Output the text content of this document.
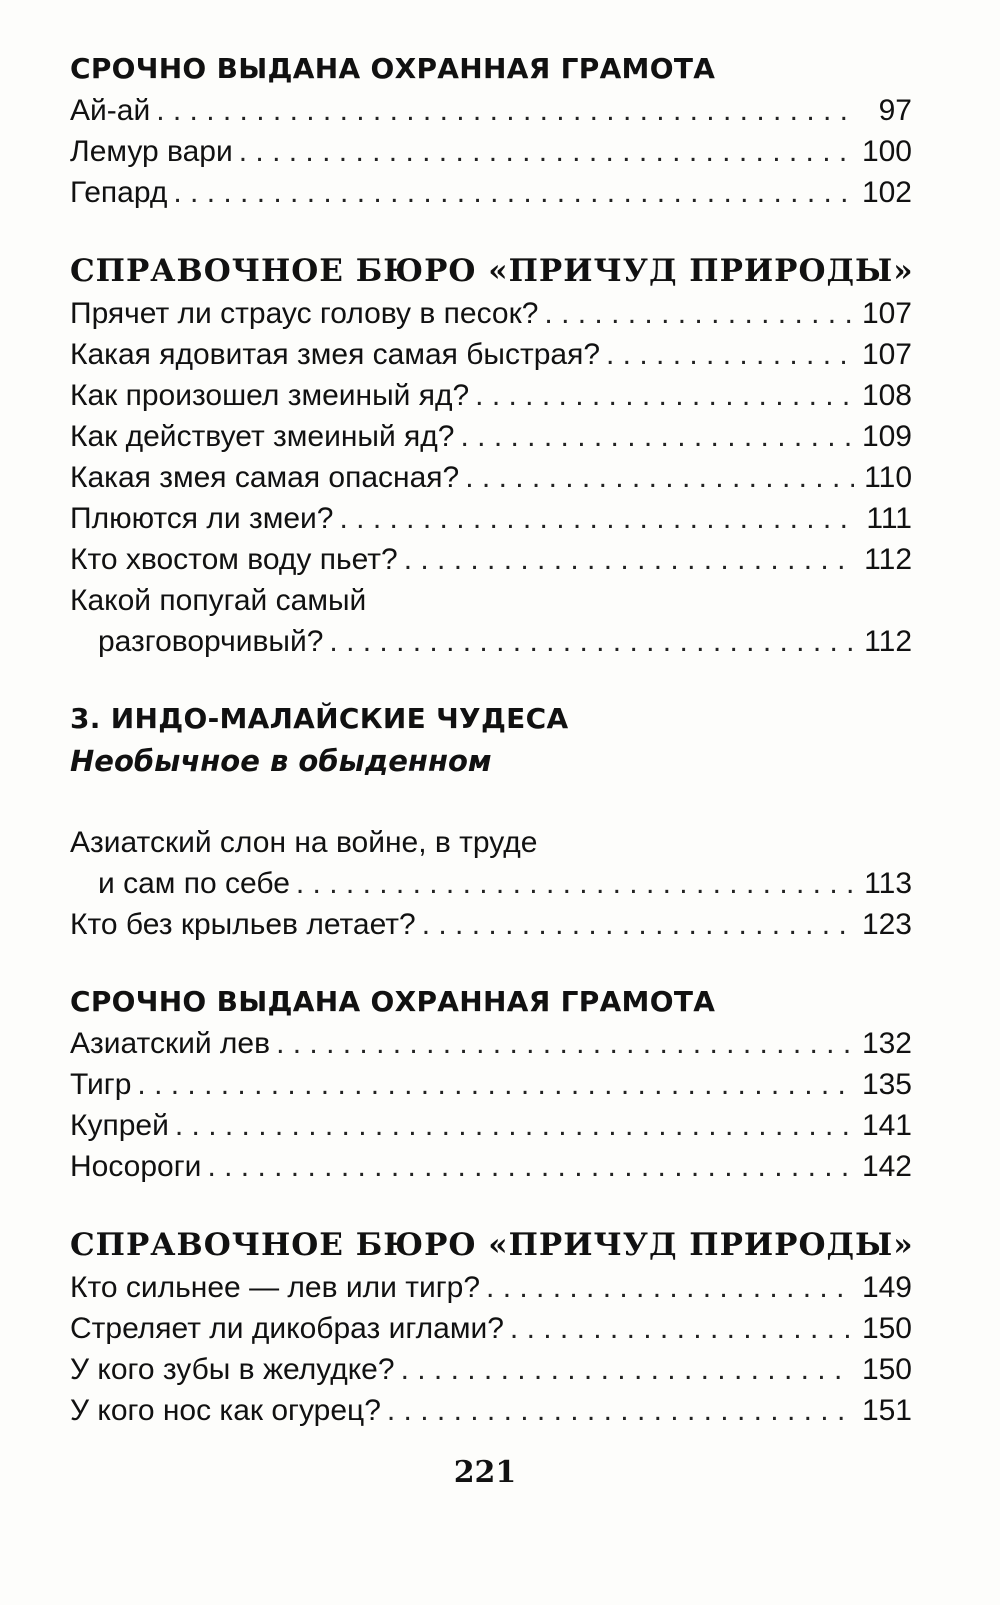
СРОЧНО ВЫДАНА ОХРАННАЯ ГРАМОТА
Ай-ай . . .	97
Лемур вари . . .	100
Гепард . . .	102
СПРАВОЧНОЕ БЮРО «ПРИЧУД ПРИРОДЫ»
Прячет ли страус голову в песок? . . .	107
Какая ядовитая змея самая быстрая? . . .	107
Как произошел змеиный яд? . . .	108
Как действует змеиный яд? . . .	109
Какая змея самая опасная? . . .	110
Плюются ли змеи? . . .	111
Кто хвостом воду пьет? . . .	112
Какой попугай самый
разговорчивый? . . .	112
3. ИНДО-МАЛАЙСКИЕ ЧУДЕСА
Необычное в обыденном
Азиатский слон на войне, в труде
и сам по себе . . .	113
Кто без крыльев летает? . . .	123
СРОЧНО ВЫДАНА ОХРАННАЯ ГРАМОТА
Азиатский лев . . .	132
Тигр . . .	135
Купрей . . .	141
Носороги . . .	142
СПРАВОЧНОЕ БЮРО «ПРИЧУД ПРИРОДЫ»
Кто сильнее — лев или тигр? . . .	149
Стреляет ли дикобраз иглами? . . .	150
У кого зубы в желудке? . . .	150
У кого нос как огурец? . . .	151
221
